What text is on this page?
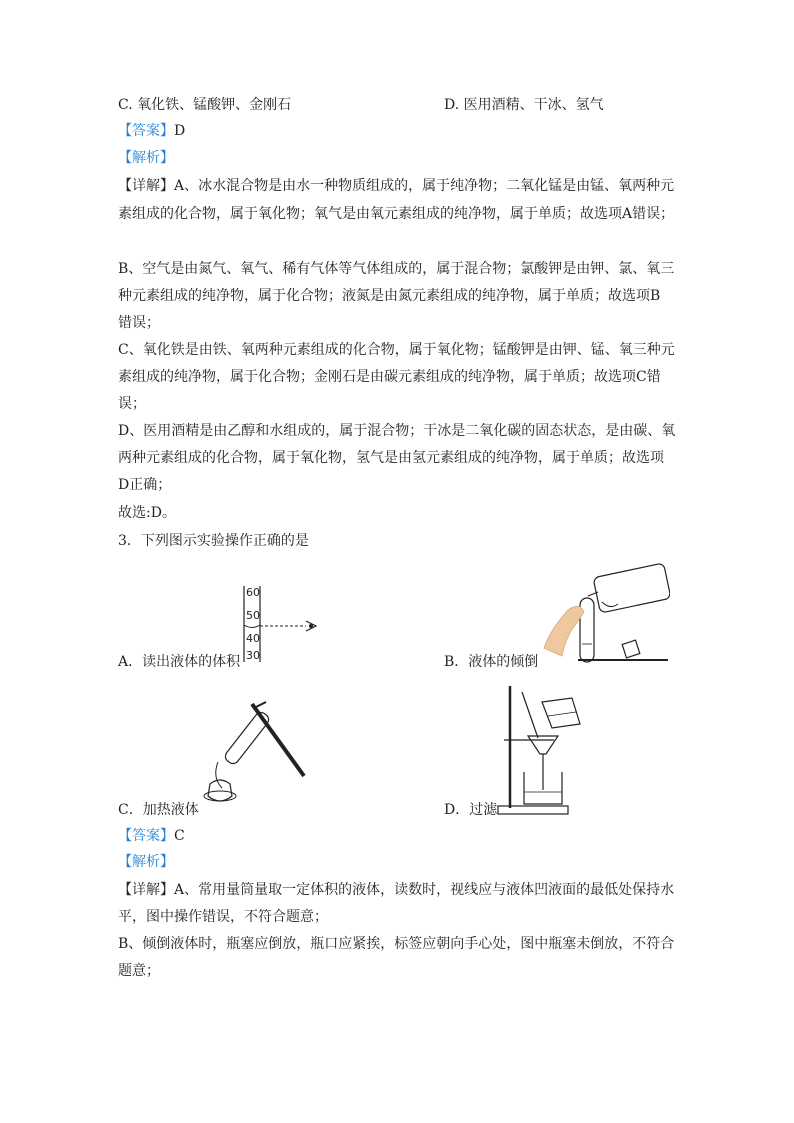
C. 氧化铁、锰酸钾、金刚石	D. 医用酒精、干冰、氢气
【答案】D
【解析】
【详解】A、冰水混合物是由水一种物质组成的，属于纯净物；二氧化锰是由锰、氧两种元
素组成的化合物，属于氧化物；氧气是由氧元素组成的纯净物，属于单质；故选项A错误；
B、空气是由氮气、氧气、稀有气体等气体组成的，属于混合物；氯酸钾是由钾、氯、氧三
种元素组成的纯净物，属于化合物；液氮是由氮元素组成的纯净物，属于单质；故选项B
错误；
C、氧化铁是由铁、氧两种元素组成的化合物，属于氧化物；锰酸钾是由钾、锰、氧三种元
素组成的纯净物，属于化合物；金刚石是由碳元素组成的纯净物，属于单质；故选项C错
误；
D、医用酒精是由乙醇和水组成的，属于混合物；干冰是二氧化碳的固态状态，是由碳、氧
两种元素组成的化合物，属于氧化物，氢气是由氢元素组成的纯净物，属于单质；故选项
D正确；
故选:D。
3．下列图示实验操作正确的是
60
50
40
30
A．读出液体的体积	B．液体的倾倒
C．加热液体	D．过滤
【答案】C
【解析】
【详解】A、常用量筒量取一定体积的液体，读数时，视线应与液体凹液面的最低处保持水
平，图中操作错误，不符合题意；
B、倾倒液体时，瓶塞应倒放，瓶口应紧挨，标签应朝向手心处，图中瓶塞未倒放，不符合
题意；
